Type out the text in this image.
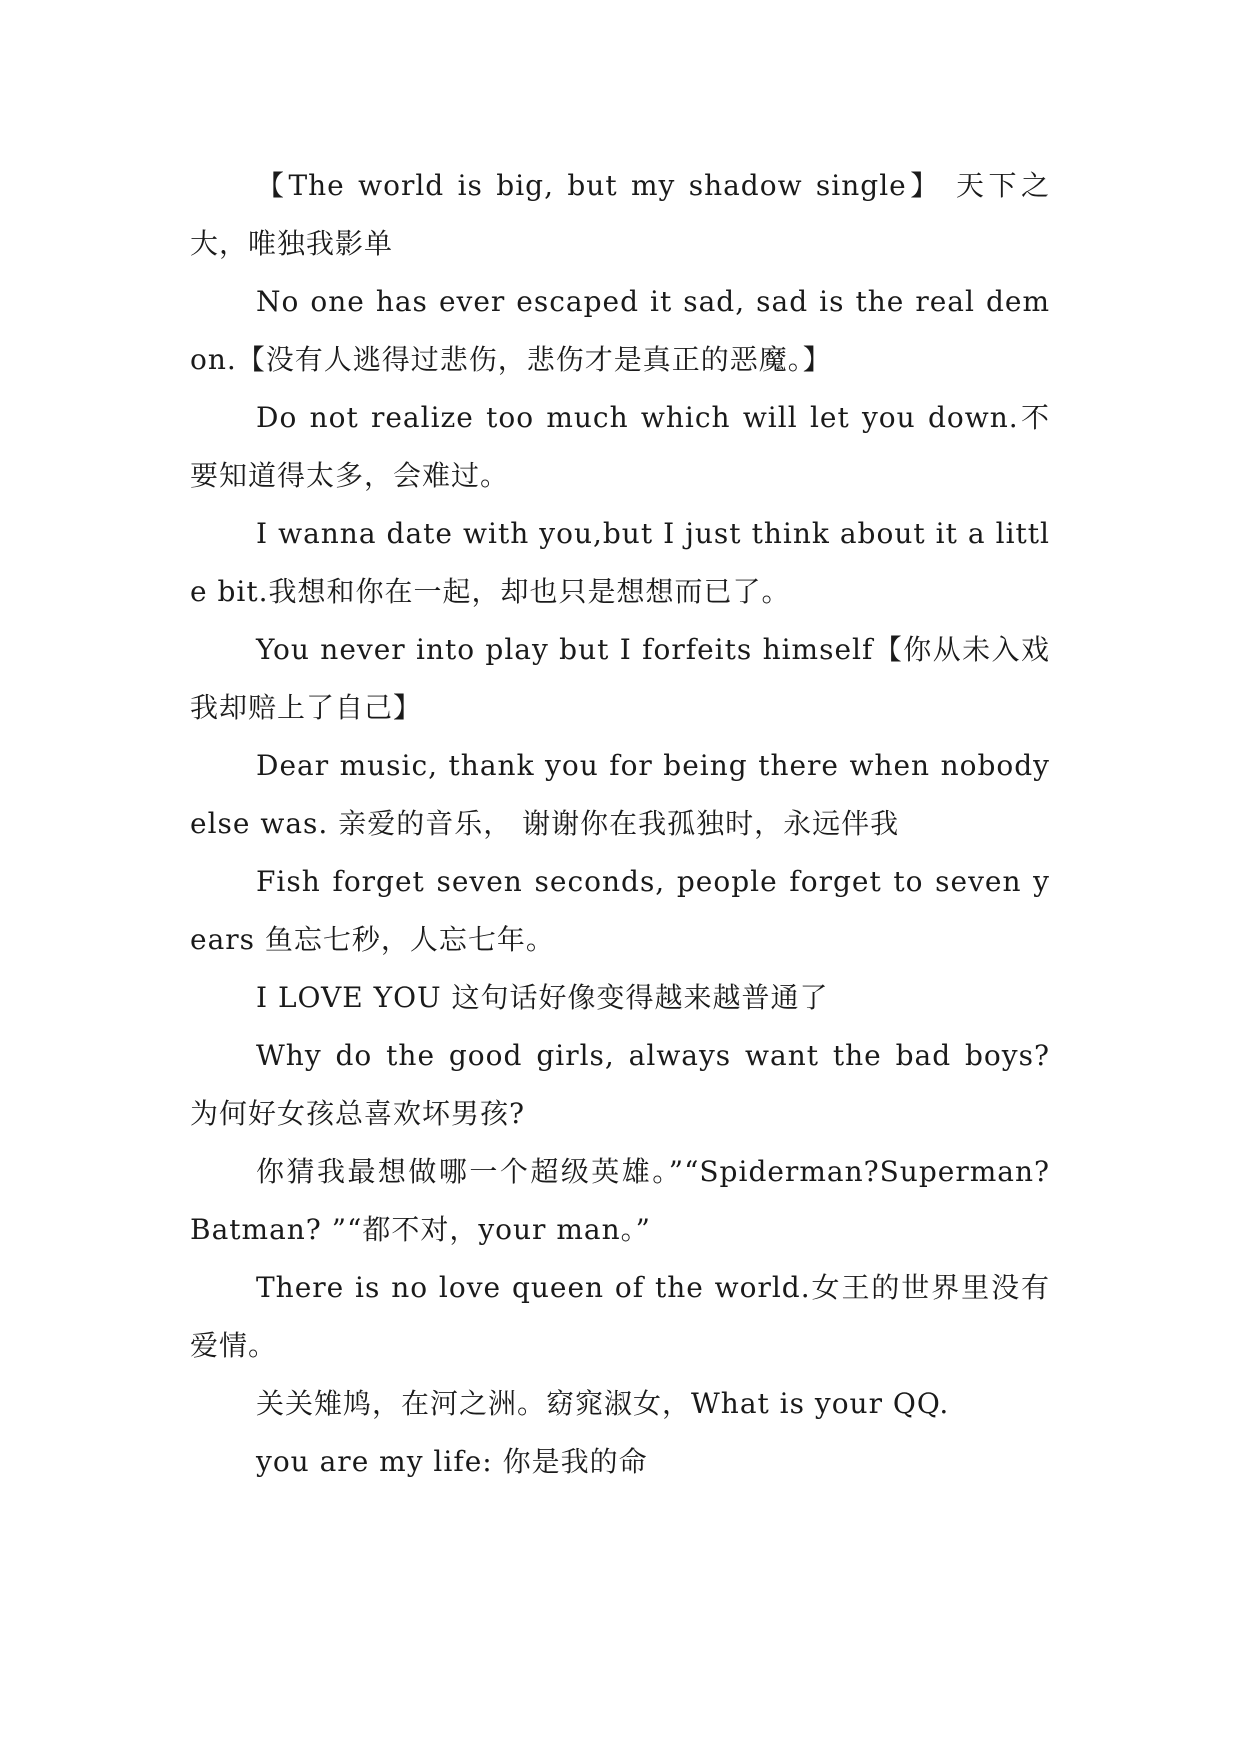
【The world is big, but my shadow single】 天下之大，唯独我影单

No one has ever escaped it sad, sad is the real demon.【没有人逃得过悲伤，悲伤才是真正的恶魔。】

Do not realize too much which will let you down.不要知道得太多，会难过。

I wanna date with you,but I just think about it a little bit.我想和你在一起，却也只是想想而已了。

You never into play but I forfeits himself【你从未入戏 我却赔上了自己】

Dear music, thank you for being there when nobody else was. 亲爱的音乐， 谢谢你在我孤独时，永远伴我

Fish forget seven seconds, people forget to seven years 鱼忘七秒，人忘七年。

I LOVE YOU 这句话好像变得越来越普通了

Why do the good girls, always want the bad boys? 为何好女孩总喜欢坏男孩?

你猜我最想做哪一个超级英雄。”“Spiderman?Superman? Batman? ”“都不对，your man。”

There is no love queen of the world.女王的世界里没有爱情。

关关雉鸠，在河之洲。窈窕淑女，What is your QQ.

you are my life: 你是我的命
